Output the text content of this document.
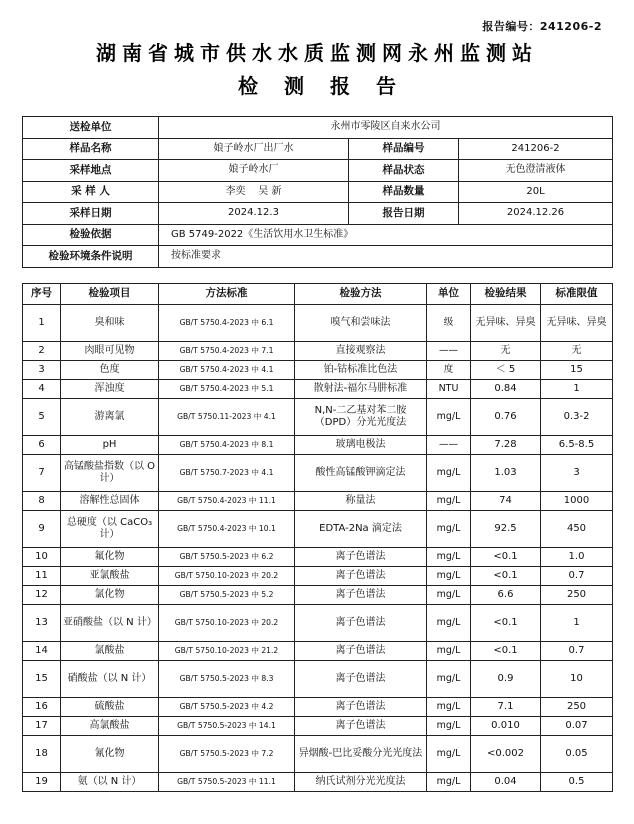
报告编号：241206-2
湖南省城市供水水质监测网永州监测站
检测报告
送检单位	永州市零陵区自来水公司		
样品名称	娘子岭水厂出厂水	样品编号	241206-2
采样地点	娘子岭水厂	样品状态	无色澄清液体
采 样 人	李奕    吴 新	样品数量	20L
采样日期	2024.12.3	报告日期	2024.12.26
检验依据	GB 5749-2022《生活饮用水卫生标准》		
检验环境条件说明	按标准要求		
序号	检验项目	方法标准	检验方法	单位	检验结果	标准限值
1	臭和味	GB/T 5750.4-2023 中 6.1	嗅气和尝味法	级	无异味、异臭	无异味、异臭
2	肉眼可见物	GB/T 5750.4-2023 中 7.1	直接观察法	——	无	无
3	色度	GB/T 5750.4-2023 中 4.1	铂-钴标准比色法	度	＜ 5	15
4	浑浊度	GB/T 5750.4-2023 中 5.1	散射法-福尔马肼标准	NTU	0.84	1
5	游离氯	GB/T 5750.11-2023 中 4.1	N,N-二乙基对苯二胺（DPD）分光光度法	mg/L	0.76	0.3-2
6	pH	GB/T 5750.4-2023 中 8.1	玻璃电极法	——	7.28	6.5-8.5
7	高锰酸盐指数（以 O 计）	GB/T 5750.7-2023 中 4.1	酸性高锰酸钾滴定法	mg/L	1.03	3
8	溶解性总固体	GB/T 5750.4-2023 中 11.1	称量法	mg/L	74	1000
9	总硬度（以 CaCO₃计）	GB/T 5750.4-2023 中 10.1	EDTA-2Na 滴定法	mg/L	92.5	450
10	氟化物	GB/T 5750.5-2023 中 6.2	离子色谱法	mg/L	<0.1	1.0
11	亚氯酸盐	GB/T 5750.10-2023 中 20.2	离子色谱法	mg/L	<0.1	0.7
12	氯化物	GB/T 5750.5-2023 中 5.2	离子色谱法	mg/L	6.6	250
13	亚硝酸盐（以 N 计）	GB/T 5750.10-2023 中 20.2	离子色谱法	mg/L	<0.1	1
14	氯酸盐	GB/T 5750.10-2023 中 21.2	离子色谱法	mg/L	<0.1	0.7
15	硝酸盐（以 N 计）	GB/T 5750.5-2023 中 8.3	离子色谱法	mg/L	0.9	10
16	硫酸盐	GB/T 5750.5-2023 中 4.2	离子色谱法	mg/L	7.1	250
17	高氯酸盐	GB/T 5750.5-2023 中 14.1	离子色谱法	mg/L	0.010	0.07
18	氰化物	GB/T 5750.5-2023 中 7.2	异烟酸-巴比妥酸分光光度法	mg/L	<0.002	0.05
19	氨（以 N 计）	GB/T 5750.5-2023 中 11.1	纳氏试剂分光光度法	mg/L	0.04	0.5
